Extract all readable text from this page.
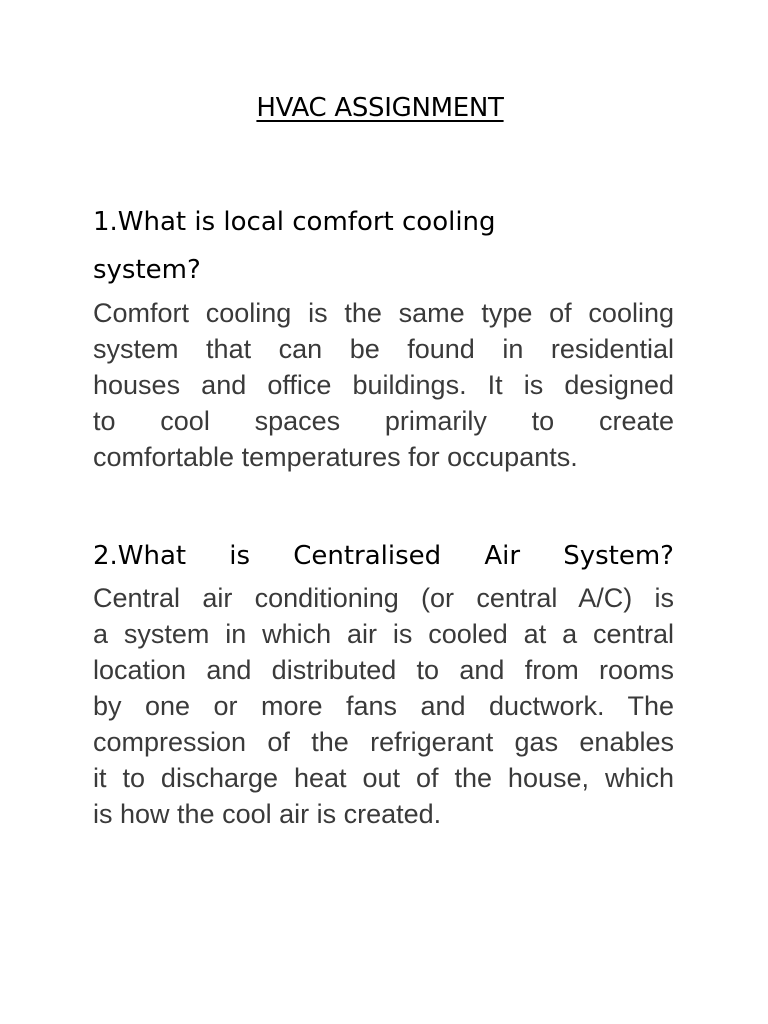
HVAC ASSIGNMENT
1.What is local comfort cooling
system?

Comfort cooling is the same type of cooling
system that can be found in residential
houses and office buildings. It is designed
to cool spaces primarily to create
comfortable temperatures for occupants.

2.What is Centralised Air System?

Central air conditioning (or central A/C) is
a system in which air is cooled at a central
location and distributed to and from rooms
by one or more fans and ductwork. The
compression of the refrigerant gas enables
it to discharge heat out of the house, which
is how the cool air is created.
